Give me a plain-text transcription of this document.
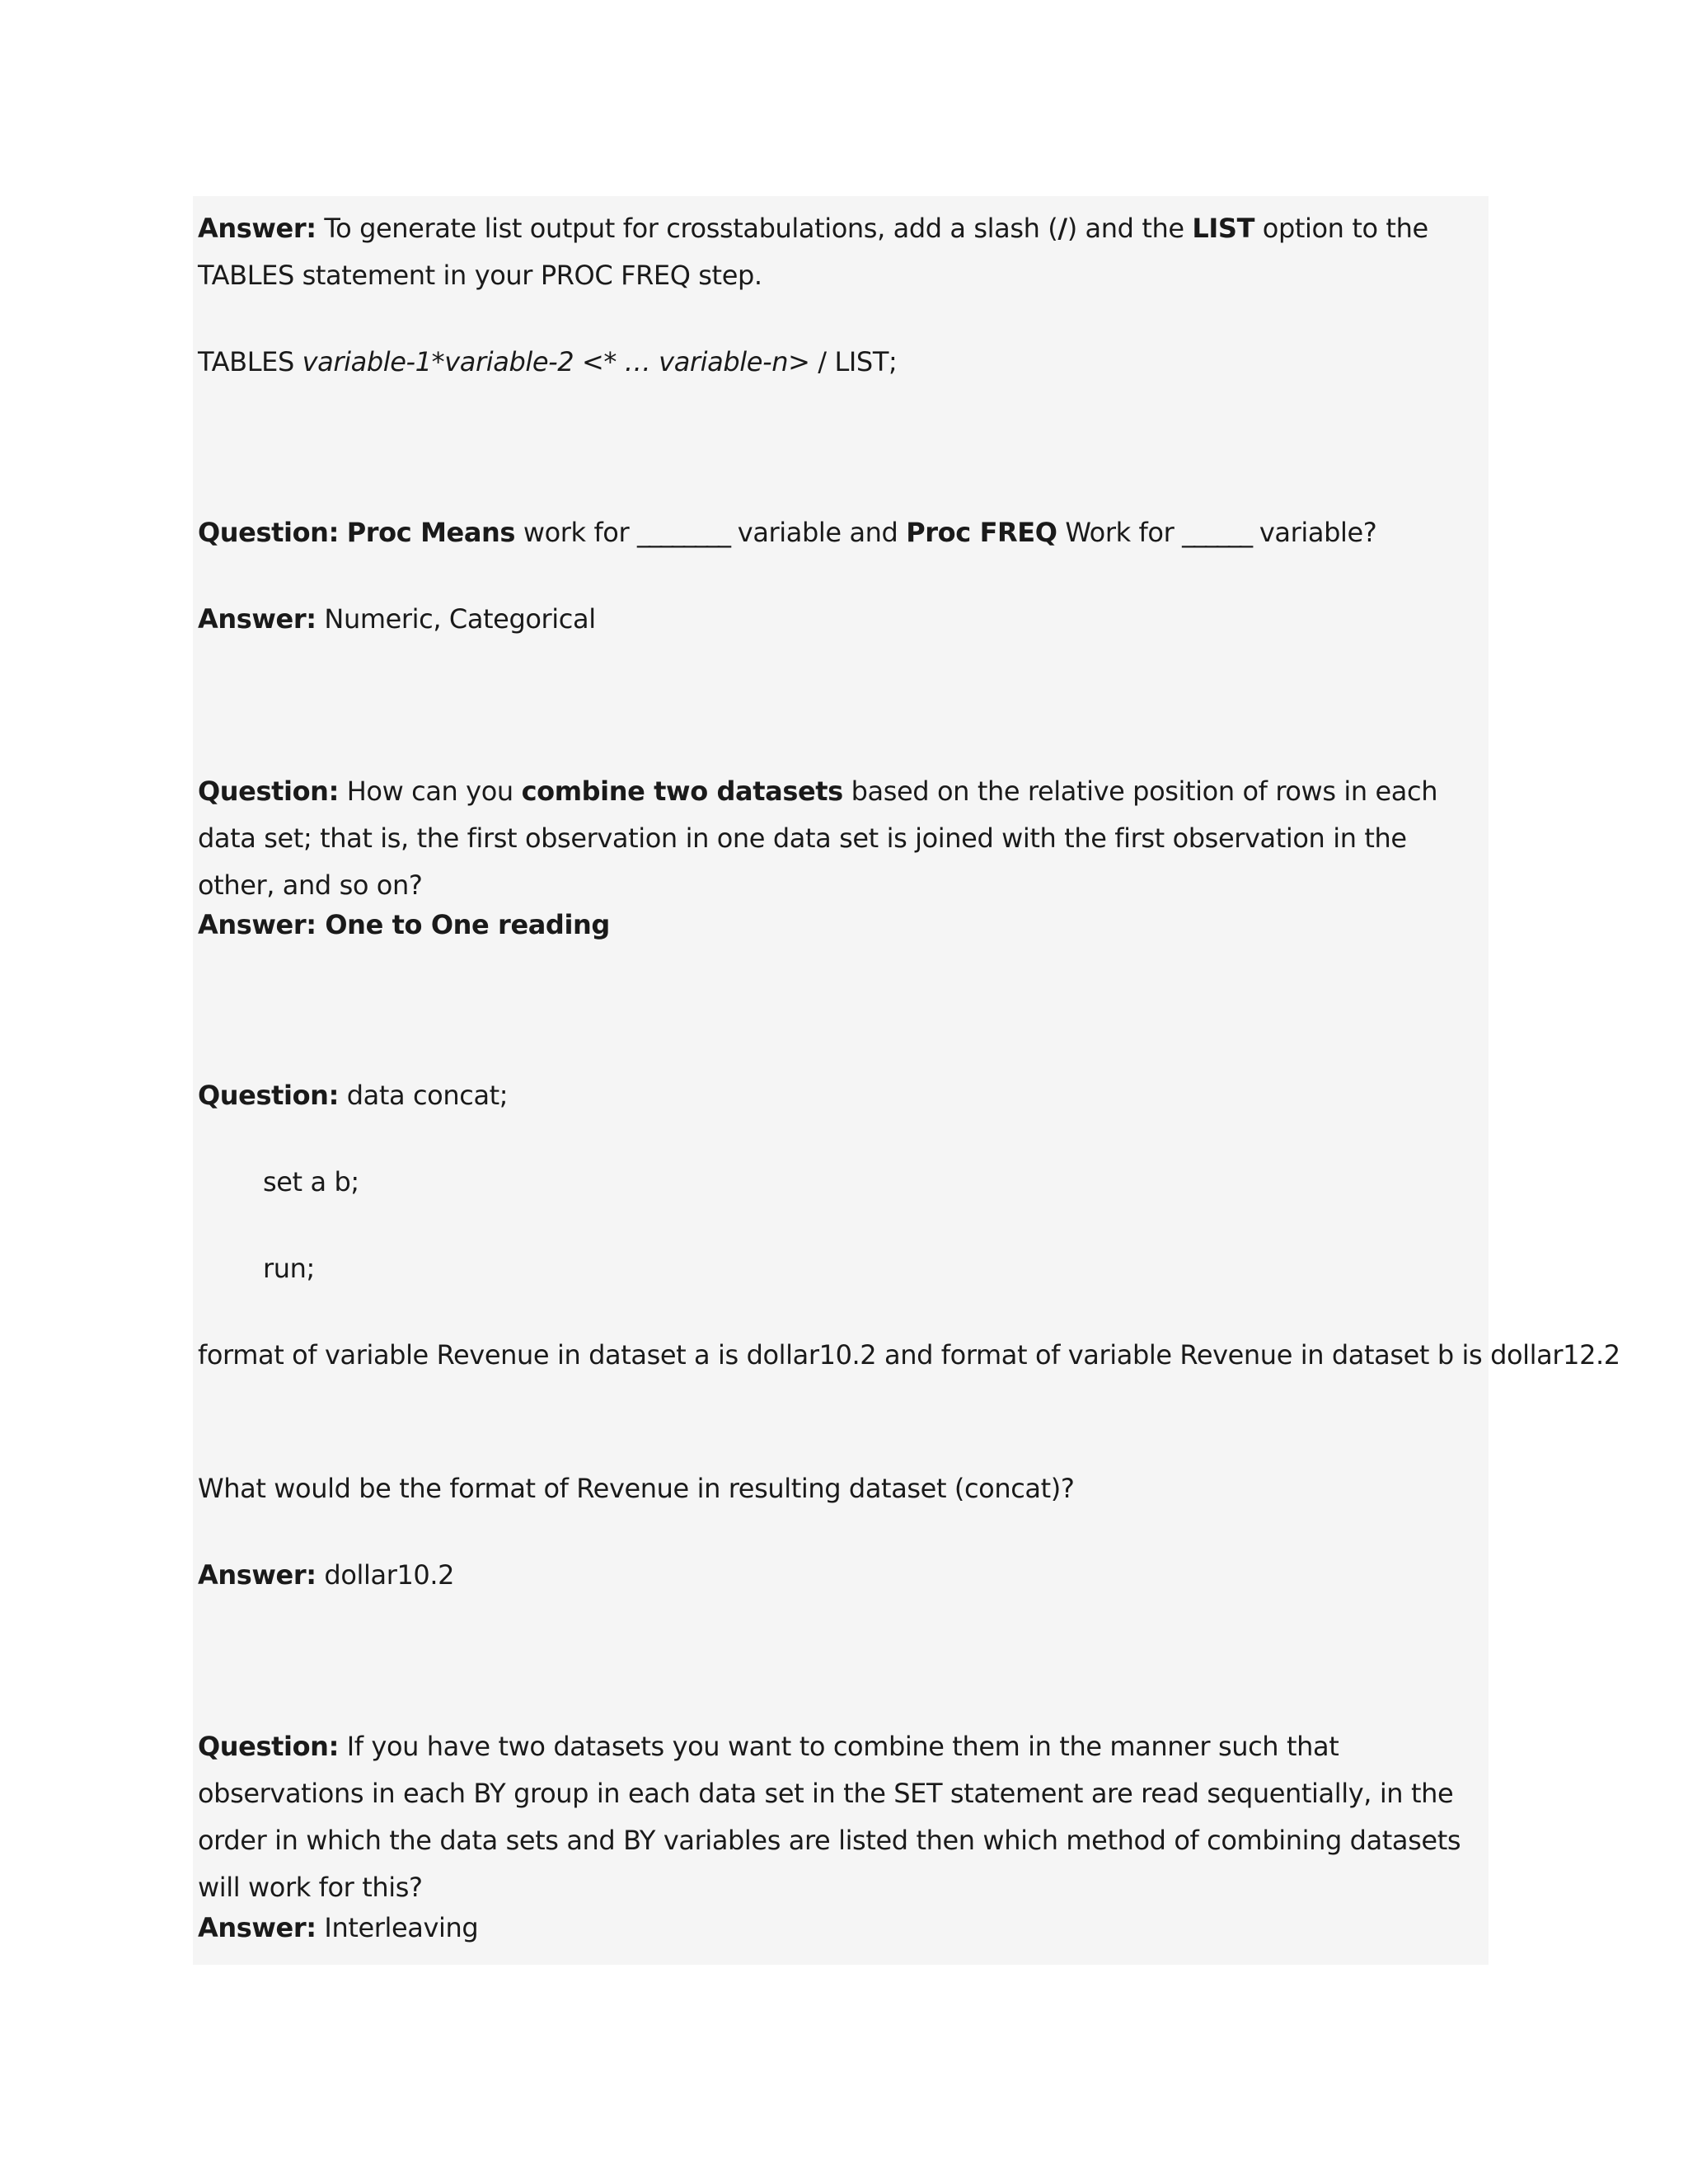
Answer: To generate list output for crosstabulations, add a slash (/) and the LIST option to the TABLES statement in your PROC FREQ step.
TABLES variable-1*variable-2 <* … variable-n> / LIST;
Question: Proc Means work for ________ variable and Proc FREQ Work for ______ variable?
Answer: Numeric, Categorical
Question: How can you combine two datasets based on the relative position of rows in each data set; that is, the first observation in one data set is joined with the first observation in the other, and so on?
Answer: One to One reading
Question: data concat;
set a b;
run;
format of variable Revenue in dataset a is dollar10.2 and format of variable Revenue in dataset b is dollar12.2
What would be the format of Revenue in resulting dataset (concat)?
Answer: dollar10.2
Question: If you have two datasets you want to combine them in the manner such that observations in each BY group in each data set in the SET statement are read sequentially, in the order in which the data sets and BY variables are listed then which method of combining datasets will work for this?
Answer: Interleaving
